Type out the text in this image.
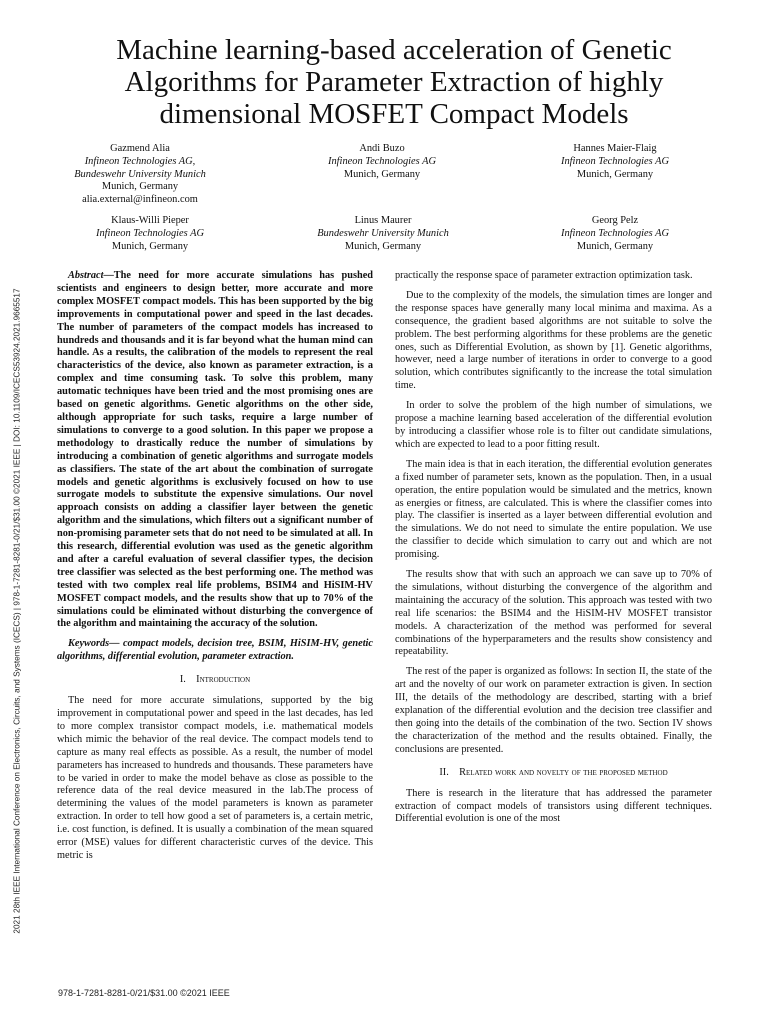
2021 28th IEEE International Conference on Electronics, Circuits, and Systems (ICECS) | 978-1-7281-8281-0/21/$31.00 ©2021 IEEE | DOI: 10.1109/ICECS53924.2021.9665517
Machine learning-based acceleration of Genetic Algorithms for Parameter Extraction of highly dimensional MOSFET Compact Models
Gazmend Alia
Infineon Technologies AG,
Bundeswehr University Munich
Munich, Germany
alia.external@infineon.com
Andi Buzo
Infineon Technologies AG
Munich, Germany
Hannes Maier-Flaig
Infineon Technologies AG
Munich, Germany
Klaus-Willi Pieper
Infineon Technologies AG
Munich, Germany
Linus Maurer
Bundeswehr University Munich
Munich, Germany
Georg Pelz
Infineon Technologies AG
Munich, Germany

Abstract—The need for more accurate simulations has pushed scientists and engineers to design better, more accurate and more complex MOSFET compact models. This has been supported by the big improvements in computational power and speed in the last decades. The number of parameters of the compact models has increased to hundreds and thousands and it is far beyond what the human mind can handle. As a results, the calibration of the models to represent the real characteristics of the device, also known as parameter extraction, is a complex and time consuming task. To solve this problem, many automatic techniques have been tried and the most promising ones are based on genetic algorithms. Genetic algorithms on the other side, although appropriate for such tasks, require a large number of simulations to converge to a good solution. In this paper we propose a methodology to drastically reduce the number of simulations by introducing a combination of genetic algorithms and surrogate models as classifiers. The state of the art about the combination of surrogate models and genetic algorithms is exclusively focused on how to use surrogate models to substitute the expensive simulations. Our novel approach consists on adding a classifier layer between the genetic algorithm and the simulations, which filters out a significant number of non-promising parameter sets that do not need to be simulated at all. In this research, differential evolution was used as the genetic algorithm and after a careful evaluation of several classifier types, the decision tree classifier was selected as the best performing one. The method was tested with two complex real life problems, BSIM4 and HiSIM-HV MOSFET compact models, and the results show that up to 70% of the simulations could be eliminated without disturbing the convergence of the algorithm and maintaining the accuracy of the solution.

Keywords— compact models, decision tree, BSIM, HiSIM-HV, genetic algorithms, differential evolution, parameter extraction.

I. Introduction

The need for more accurate simulations, supported by the big improvement in computational power and speed in the last decades, has led to more complex transistor compact models, i.e. mathematical models which mimic the behavior of the real device. The compact models tend to capture as many real effects as possible. As a result, the number of model parameters has increased to hundreds and thousands. These parameters have to be varied in order to make the model behave as close as possible to the reference data of the real device measured in the lab.The process of determining the values of the model parameters is known as parameter extraction. In order to tell how good a set of parameters is, a certain metric, i.e. cost function, is defined. It is usually a combination of the mean squared error (MSE) values for different characteristic curves of the device. This metric is

practically the response space of parameter extraction optimization task.

Due to the complexity of the models, the simulation times are longer and the response spaces have generally many local minima and maxima. As a consequence, the gradient based algorithms are not suitable to solve the problem. The best performing algorithms for these problems are the genetic ones, such as Differential Evolution, as shown by [1]. Genetic algorithms, however, need a large number of iterations in order to converge to a good solution, which contributes significantly to the increase the total simulation time.

In order to solve the problem of the high number of simulations, we propose a machine learning based acceleration of the differential evolution by introducing a classifier whose role is to filter out candidate simulations, which are expected to lead to a poor fitting result.

The main idea is that in each iteration, the differential evolution generates a fixed number of parameter sets, known as the population. Then, in a usual operation, the entire population would be simulated and the metrics, known as energies or fitness, are calculated. This is where the classifier comes into play. The classifier is inserted as a layer between differential evolution and the simulations. We do not need to simulate the entire population. We use the classifier to decide which simulation to carry out and which are not promising.

The results show that with such an approach we can save up to 70% of the simulations, without disturbing the convergence of the algorithm and maintaining the accuracy of the solution. This approach was tested with two real life scenarios: the BSIM4 and the HiSIM-HV MOSFET transistor models. A characterization of the method was performed for several combinations of the hyperparameters and the results show consistency and repeatability.

The rest of the paper is organized as follows: In section II, the state of the art and the novelty of our work on parameter extraction is given. In section III, the details of the methodology are described, starting with a brief explanation of the differential evolution and the decision tree classifier and then going into the details of the combination of the two. Section IV shows the characterization of the method and the results obtained. Finally, the conclusions are presented.

II. Related work and novelty of the proposed method

There is research in the literature that has addressed the parameter extraction of compact models of transistors using different techniques. Differential evolution is one of the most

978-1-7281-8281-0/21/$31.00 ©2021 IEEE
